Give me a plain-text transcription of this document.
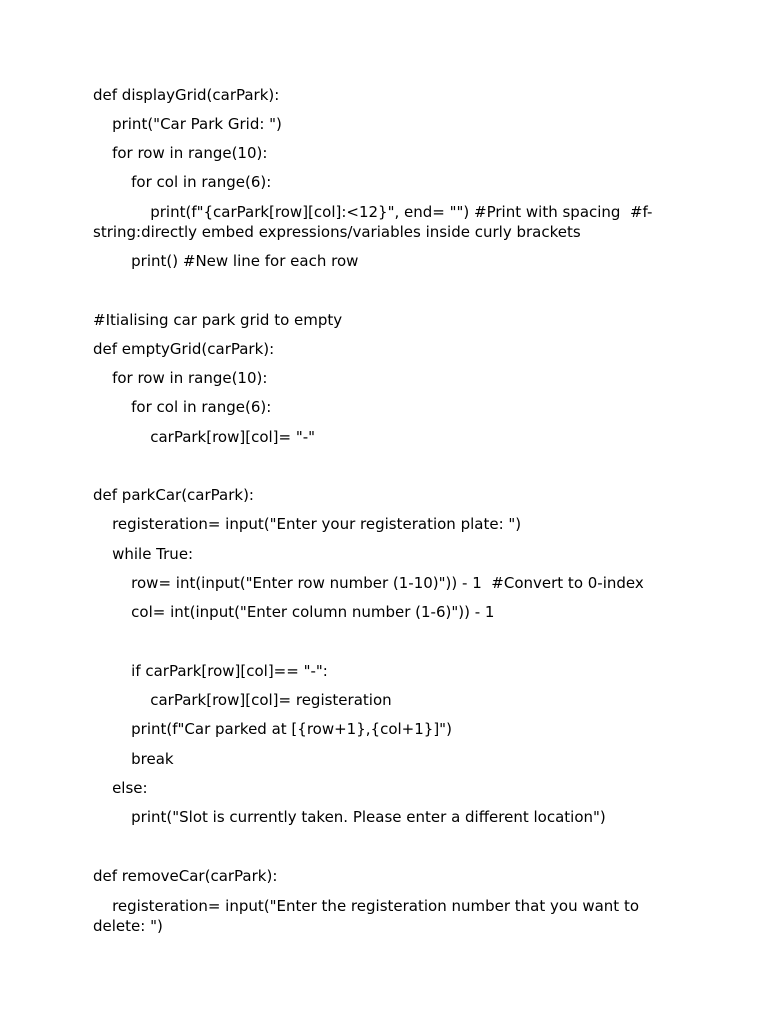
def displayGrid(carPark):
print("Car Park Grid: ")
for row in range(10):
for col in range(6):
print(f"{carPark[row][col]:<12}", end= "") #Print with spacing  #f-string:directly embed expressions/variables inside curly brackets
print() #New line for each row
#Itialising car park grid to empty
def emptyGrid(carPark):
for row in range(10):
for col in range(6):
carPark[row][col]= "-"
def parkCar(carPark):
registeration= input("Enter your registeration plate: ")
while True:
row= int(input("Enter row number (1-10)")) - 1  #Convert to 0-index
col= int(input("Enter column number (1-6)")) - 1
if carPark[row][col]== "-":
carPark[row][col]= registeration
print(f"Car parked at [{row+1},{col+1}]")
break
else:
print("Slot is currently taken. Please enter a different location")
def removeCar(carPark):
registeration= input("Enter the registeration number that you want to delete: ")
